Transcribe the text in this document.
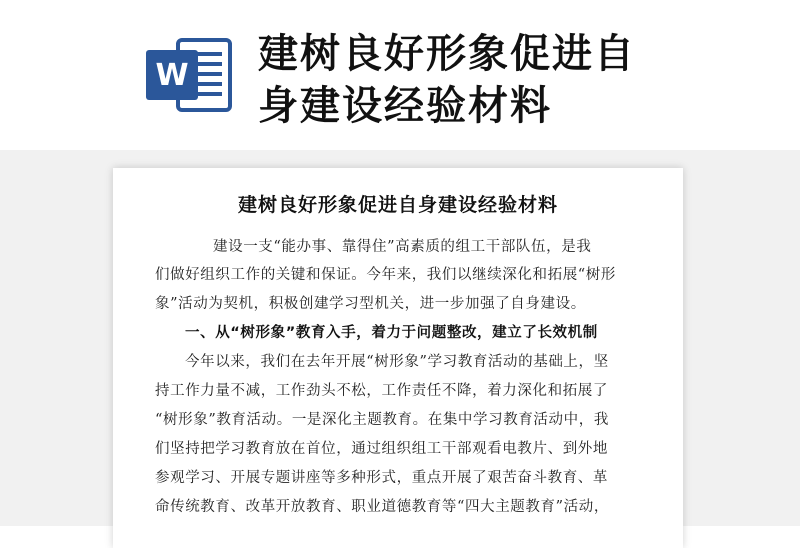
W 建树良好形象促进自
身建设经验材料
建树良好形象促进自身建设经验材料
建设一支“能办事、靠得住”高素质的组工干部队伍，是我
们做好组织工作的关键和保证。今年来，我们以继续深化和拓展“树形
象”活动为契机，积极创建学习型机关，进一步加强了自身建设。
一、从“树形象”教育入手，着力于问题整改，建立了长效机制
今年以来，我们在去年开展“树形象”学习教育活动的基础上，坚
持工作力量不减，工作劲头不松，工作责任不降，着力深化和拓展了
“树形象”教育活动。一是深化主题教育。在集中学习教育活动中，我
们坚持把学习教育放在首位，通过组织组工干部观看电教片、到外地
参观学习、开展专题讲座等多种形式，重点开展了艰苦奋斗教育、革
命传统教育、改革开放教育、职业道德教育等“四大主题教育”活动，
